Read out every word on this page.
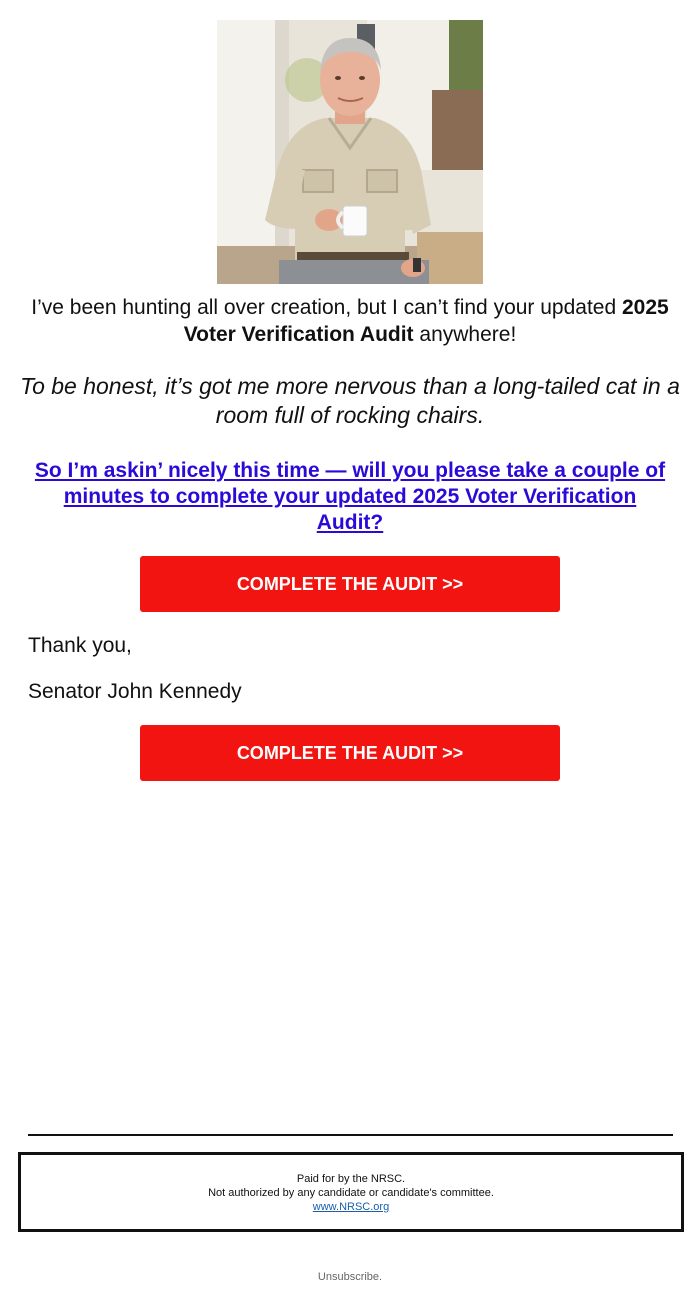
I’ve been hunting all over creation, but I can’t find your updated 2025 Voter Verification Audit anywhere!

To be honest, it’s got me more nervous than a long-tailed cat in a room full of rocking chairs.

So I’m askin’ nicely this time — will you please take a couple of minutes to complete your updated 2025 Voter Verification Audit?
COMPLETE THE AUDIT >>

Thank you,

Senator John Kennedy

COMPLETE THE AUDIT >>
Paid for by the NRSC.
Not authorized by any candidate or candidate's committee.
www.NRSC.org
Unsubscribe.
